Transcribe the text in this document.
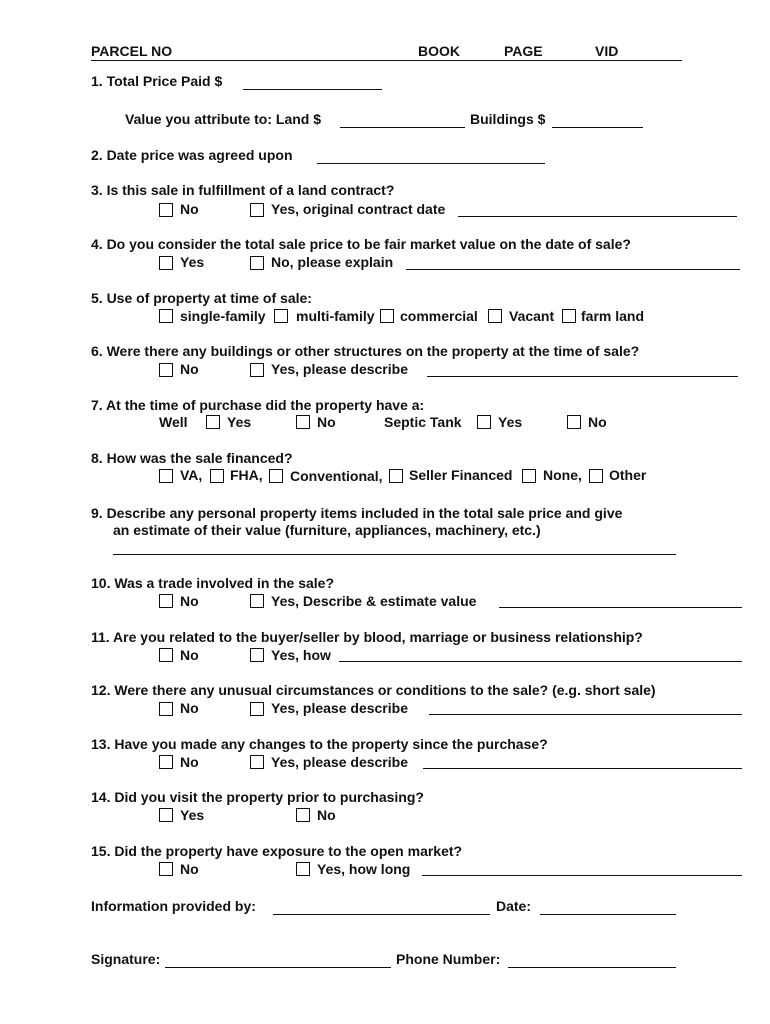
PARCEL NO	BOOK	PAGE	VID
1. Total Price Paid $
Value you attribute to: Land $	Buildings $
2. Date price was agreed upon
3. Is this sale in fulfillment of a land contract?
No	Yes, original contract date
4. Do you consider the total sale price to be fair market value on the date of sale?
Yes	No, please explain
5. Use of property at time of sale:
single-family multi-family commercial Vacant farm land
6. Were there any buildings or other structures on the property at the time of sale?
No	Yes, please describe
7. At the time of purchase did the property have a:
Well	Yes	No	Septic Tank	Yes	No
8. How was the sale financed?
VA, FHA, Conventional, Seller Financed None, Other
9. Describe any personal property items included in the total sale price and give
an estimate of their value (furniture, appliances, machinery, etc.)
10. Was a trade involved in the sale?
No	Yes, Describe & estimate value
11. Are you related to the buyer/seller by blood, marriage or business relationship?
No	Yes, how
12. Were there any unusual circumstances or conditions to the sale? (e.g. short sale)
No	Yes, please describe
13. Have you made any changes to the property since the purchase?
No	Yes, please describe
14. Did you visit the property prior to purchasing?
Yes	No
15. Did the property have exposure to the open market?
No	Yes, how long
Information provided by:	Date:
Signature:	Phone Number:
